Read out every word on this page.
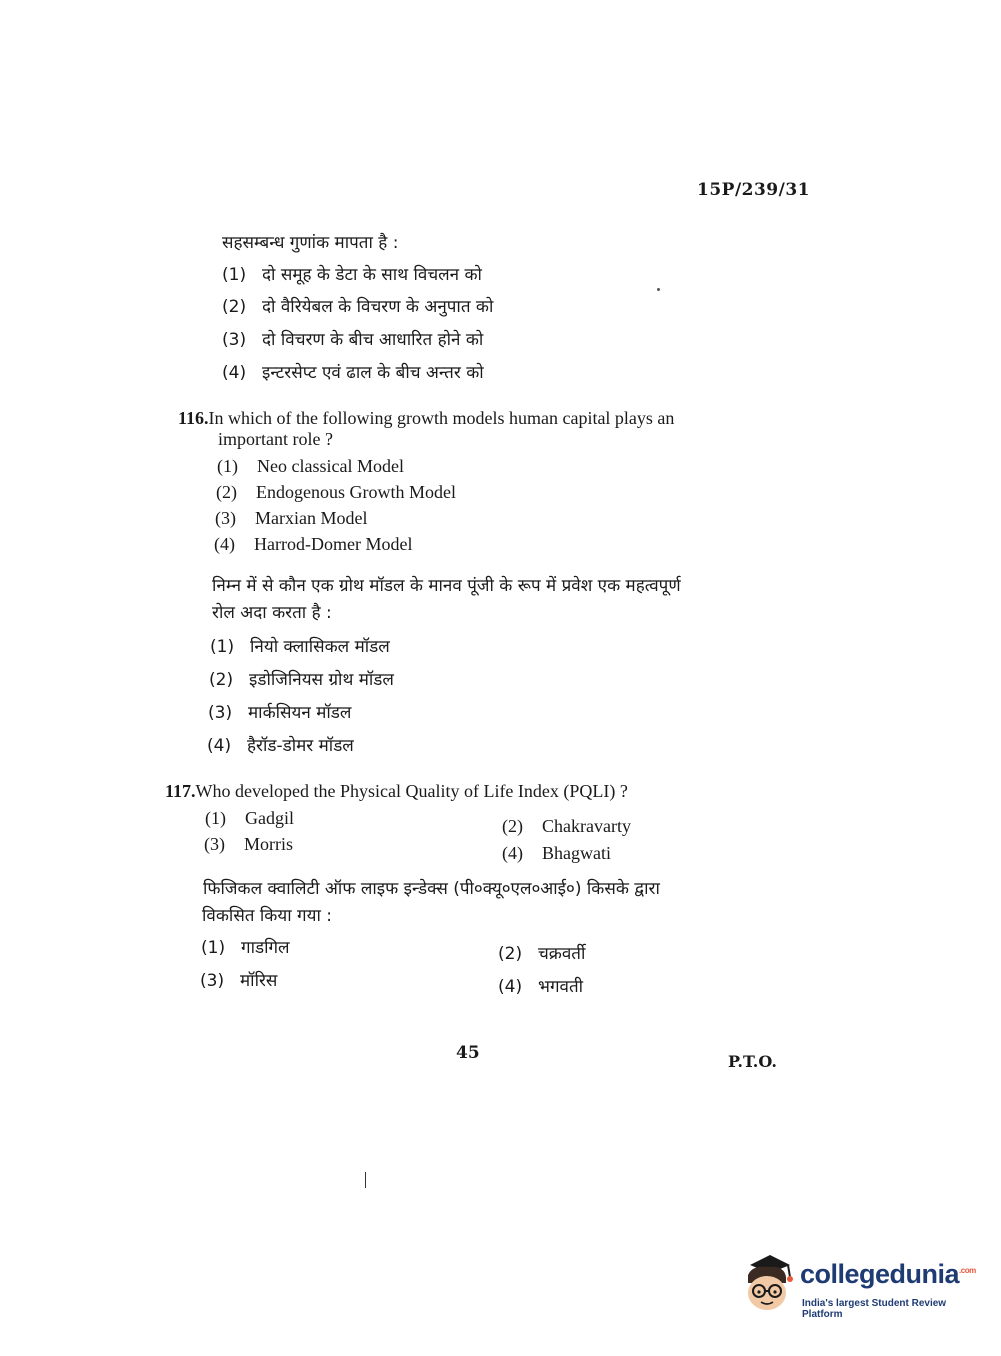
15P/239/31
सहसम्बन्ध गुणांक मापता है :
(1) दो समूह के डेटा के साथ विचलन को
(2) दो वैरियेबल के विचरण के अनुपात को
(3) दो विचरण के बीच आधारित होने को
(4) इन्टरसेप्ट एवं ढाल के बीच अन्तर को
116.In which of the following growth models human capital plays an
important role ?
(1) Neo classical Model
(2) Endogenous Growth Model
(3) Marxian Model
(4) Harrod-Domer Model
निम्न में से कौन एक ग्रोथ मॉडल के मानव पूंजी के रूप में प्रवेश एक महत्वपूर्ण
रोल अदा करता है :
(1) नियो क्लासिकल मॉडल
(2) इडोजिनियस ग्रोथ मॉडल
(3) मार्कसियन मॉडल
(4) हैरॉड-डोमर मॉडल
117.Who developed the Physical Quality of Life Index (PQLI) ?
(1) Gadgil	(2) Chakravarty
(3) Morris	(4) Bhagwati
फिजिकल क्वालिटी ऑफ लाइफ इन्डेक्स (पी०क्यू०एल०आई०) किसके द्वारा
विकसित किया गया :
(1) गाडगिल	(2) चक्रवर्ती
(3) मॉरिस	(4) भगवती
45	P.T.O.
collegedunia$^{.com}$
India's largest Student Review Platform
